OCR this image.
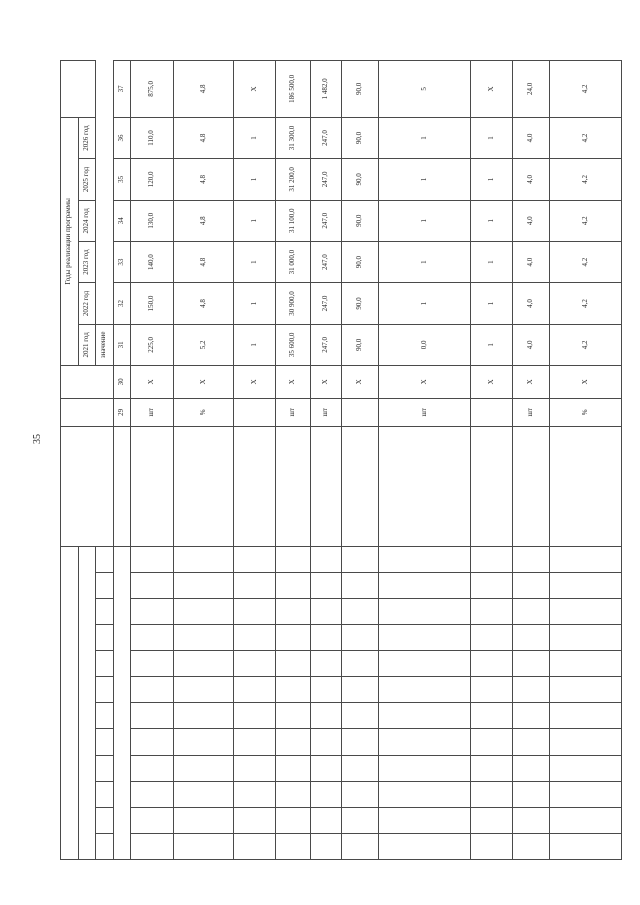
35
															Годы реализации программы						
															2021 год	2022 год	2023 год	2024 год	2025 год	2026 год	
															значение						
													29	30	31	32	33	34	35	36	37
													шт	X	225,0	150,0	140,0	130,0	120,0	110,0	875,0
													%	X	5,2	4,8	4,8	4,8	4,8	4,8	4,8
														X	1	1	1	1	1	1	X
													шт	X	35 600,0	30 900,0	31 000,0	31 100,0	31 200,0	31 300,0	186 500,0
													шт	X	247,0	247,0	247,0	247,0	247,0	247,0	1 482,0
														X	90,0	90,0	90,0	90,0	90,0	90,0	90,0
													шт	X	0,0	1	1	1	1	1	5
														X	1	1	1	1	1	1	X
													шт	X	4,0	4,0	4,0	4,0	4,0	4,0	24,0
													%	X	4,2	4,2	4,2	4,2	4,2	4,2	4,2
